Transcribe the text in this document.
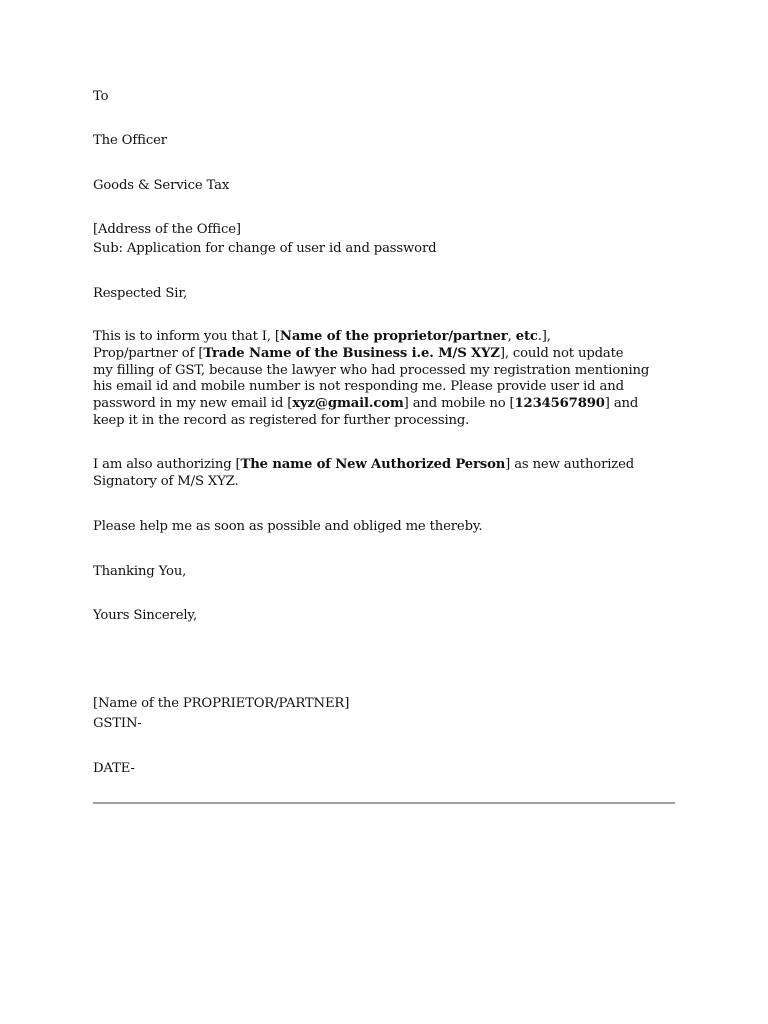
To
The Officer
Goods & Service Tax
[Address of the Office]
Sub: Application for change of user id and password
Respected Sir,
This is to inform you that I, [Name of the proprietor/partner, etc.],
Prop/partner of [Trade Name of the Business i.e. M/S XYZ], could not update
my filling of GST, because the lawyer who had processed my registration mentioning
his email id and mobile number is not responding me. Please provide user id and
password in my new email id [xyz@gmail.com] and mobile no [1234567890] and
keep it in the record as registered for further processing.
I am also authorizing [The name of New Authorized Person] as new authorized
Signatory of M/S XYZ.
Please help me as soon as possible and obliged me thereby.
Thanking You,
Yours Sincerely,
[Name of the PROPRIETOR/PARTNER]
GSTIN-
DATE-
